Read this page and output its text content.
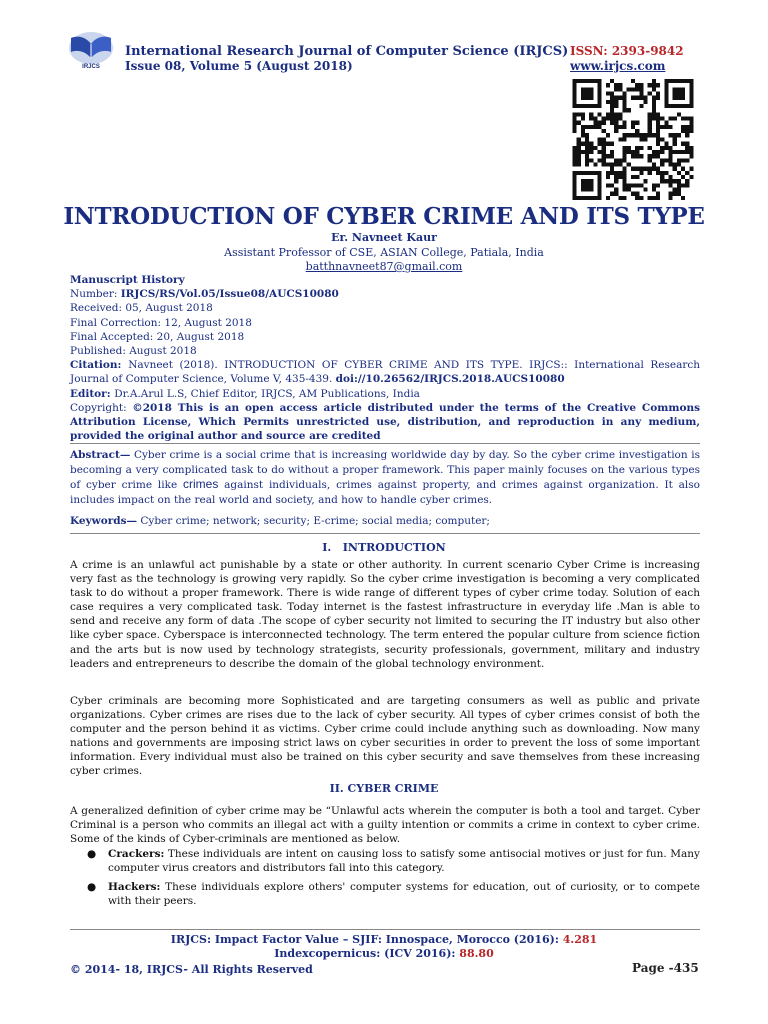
IRJCS
International Research Journal of Computer Science (IRJCS)
Issue 08, Volume 5 (August 2018)
ISSN: 2393-9842
www.irjcs.com
INTRODUCTION OF CYBER CRIME AND ITS TYPE
Er. Navneet Kaur
Assistant Professor of CSE, ASIAN College, Patiala, India
batthnavneet87@gmail.com
Manuscript History
Number: IRJCS/RS/Vol.05/Issue08/AUCS10080
Received: 05, August 2018
Final Correction: 12, August 2018
Final Accepted: 20, August 2018
Published: August 2018
Citation: Navneet (2018). INTRODUCTION OF CYBER CRIME AND ITS TYPE. IRJCS:: International Research Journal of Computer Science, Volume V, 435-439. doi://10.26562/IRJCS.2018.AUCS10080
Editor: Dr.A.Arul L.S, Chief Editor, IRJCS, AM Publications, India
Copyright: ©2018 This is an open access article distributed under the terms of the Creative Commons Attribution License, Which Permits unrestricted use, distribution, and reproduction in any medium, provided the original author and source are credited
Abstract— Cyber crime is a social crime that is increasing worldwide day by day. So the cyber crime investigation is becoming a very complicated task to do without a proper framework. This paper mainly focuses on the various types of cyber crime like crimes against individuals, crimes against property, and crimes against organization. It also includes impact on the real world and society, and how to handle cyber crimes.
Keywords— Cyber crime; network; security; E-crime; social media; computer;
I.   INTRODUCTION
A crime is an unlawful act punishable by a state or other authority. In current scenario Cyber Crime is increasing very fast as the technology is growing very rapidly. So the cyber crime investigation is becoming a very complicated task to do without a proper framework. There is wide range of different types of cyber crime today. Solution of each case requires a very complicated task. Today internet is the fastest infrastructure in everyday life .Man is able to send and receive any form of data .The scope of cyber security not limited to securing the IT industry but also other like cyber space. Cyberspace is interconnected technology. The term entered the popular culture from science fiction and the arts but is now used by technology strategists, security professionals, government, military and industry leaders and entrepreneurs to describe the domain of the global technology environment.
Cyber criminals are becoming more Sophisticated and are targeting consumers as well as public and private organizations. Cyber crimes are rises due to the lack of cyber security. All types of cyber crimes consist of both the computer and the person behind it as victims. Cyber crime could include anything such as downloading. Now many nations and governments are imposing strict laws on cyber securities in order to prevent the loss of some important information. Every individual must also be trained on this cyber security and save themselves from these increasing cyber crimes.
II. CYBER CRIME
A generalized definition of cyber crime may be “Unlawful acts wherein the computer is both a tool and target. Cyber Criminal is a person who commits an illegal act with a guilty intention or commits a crime in context to cyber crime. Some of the kinds of Cyber-criminals are mentioned as below.
● Crackers: These individuals are intent on causing loss to satisfy some antisocial motives or just for fun. Many computer virus creators and distributors fall into this category.
● Hackers: These individuals explore others' computer systems for education, out of curiosity, or to compete with their peers.
IRJCS: Impact Factor Value – SJIF: Innospace, Morocco (2016): 4.281
Indexcopernicus: (ICV 2016): 88.80
© 2014- 18, IRJCS- All Rights Reserved	Page -435
